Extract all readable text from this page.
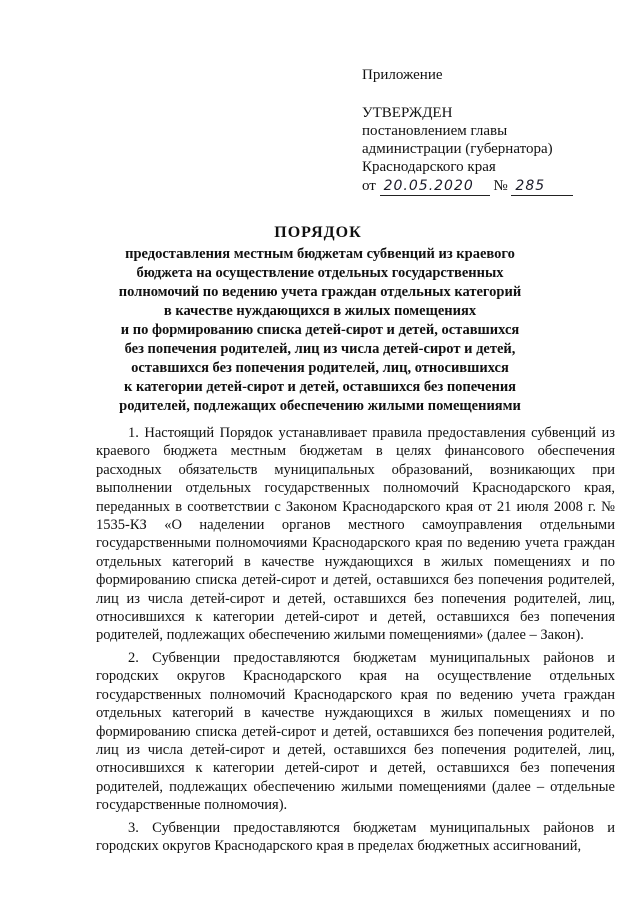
Приложение
УТВЕРЖДЕН
постановлением главы
администрации (губернатора)
Краснодарского края
от 20.05.2020 № 285
ПОРЯДОК
предоставления местным бюджетам субвенций из краевого
бюджета на осуществление отдельных государственных
полномочий по ведению учета граждан отдельных категорий
в качестве нуждающихся в жилых помещениях
и по формированию списка детей-сирот и детей, оставшихся
без попечения родителей, лиц из числа детей-сирот и детей,
оставшихся без попечения родителей, лиц, относившихся
к категории детей-сирот и детей, оставшихся без попечения
родителей, подлежащих обеспечению жилыми помещениями

1. Настоящий Порядок устанавливает правила предоставления субвенций из краевого бюджета местным бюджетам в целях финансового обеспечения расходных обязательств муниципальных образований, возникающих при выполнении отдельных государственных полномочий Краснодарского края, переданных в соответствии с Законом Краснодарского края от 21 июля 2008 г. № 1535-КЗ «О наделении органов местного самоуправления отдельными государственными полномочиями Краснодарского края по ведению учета граждан отдельных категорий в качестве нуждающихся в жилых помещениях и по формированию списка детей-сирот и детей, оставшихся без попечения родителей, лиц из числа детей-сирот и детей, оставшихся без попечения родителей, лиц, относившихся к категории детей-сирот и детей, оставшихся без попечения родителей, подлежащих обеспечению жилыми помещениями» (далее – Закон).

2. Субвенции предоставляются бюджетам муниципальных районов и городских округов Краснодарского края на осуществление отдельных государственных полномочий Краснодарского края по ведению учета граждан отдельных категорий в качестве нуждающихся в жилых помещениях и по формированию списка детей-сирот и детей, оставшихся без попечения родителей, лиц из числа детей-сирот и детей, оставшихся без попечения родителей, лиц, относившихся к категории детей-сирот и детей, оставшихся без попечения родителей, подлежащих обеспечению жилыми помещениями (далее – отдельные государственные полномочия).

3. Субвенции предоставляются бюджетам муниципальных районов и городских округов Краснодарского края в пределах бюджетных ассигнований,
